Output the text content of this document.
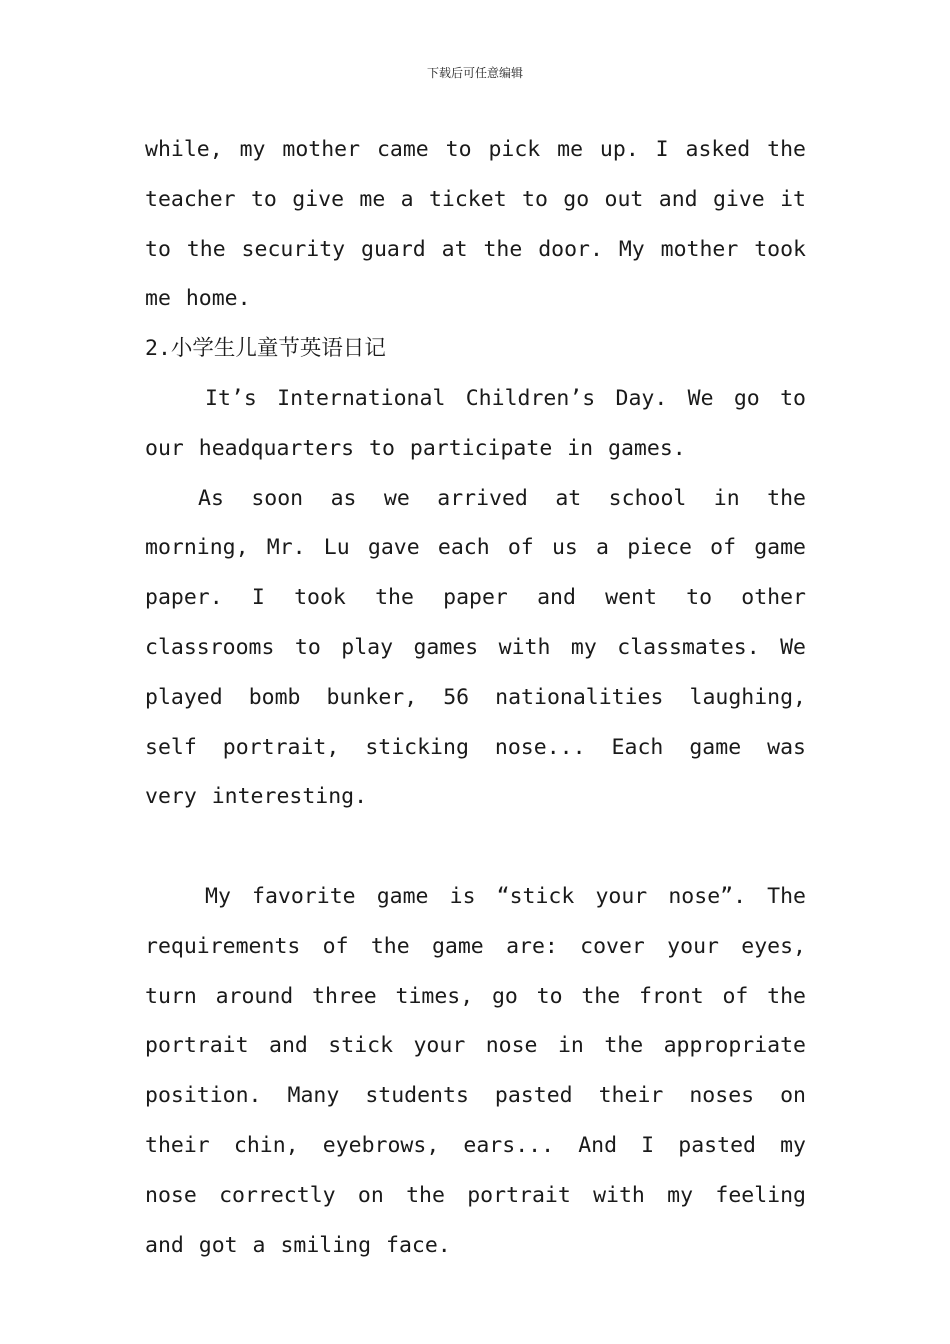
下载后可任意编辑

while, my mother came to pick me up. I asked the teacher to give me a ticket to go out and give it to the security guard at the door. My mother took me home.

2.小学生儿童节英语日记

It’s International Children’s Day. We go to our headquarters to participate in games.

As soon as we arrived at school in the morning, Mr. Lu gave each of us a piece of game paper. I took the paper and went to other classrooms to play games with my classmates. We played bomb bunker, 56 nationalities laughing, self portrait, sticking nose... Each game was very interesting.

My favorite game is “stick your nose”. The requirements of the game are: cover your eyes, turn around three times, go to the front of the portrait and stick your nose in the appropriate position. Many students pasted their noses on their chin, eyebrows, ears... And I pasted my nose correctly on the portrait with my feeling and got a smiling face.
